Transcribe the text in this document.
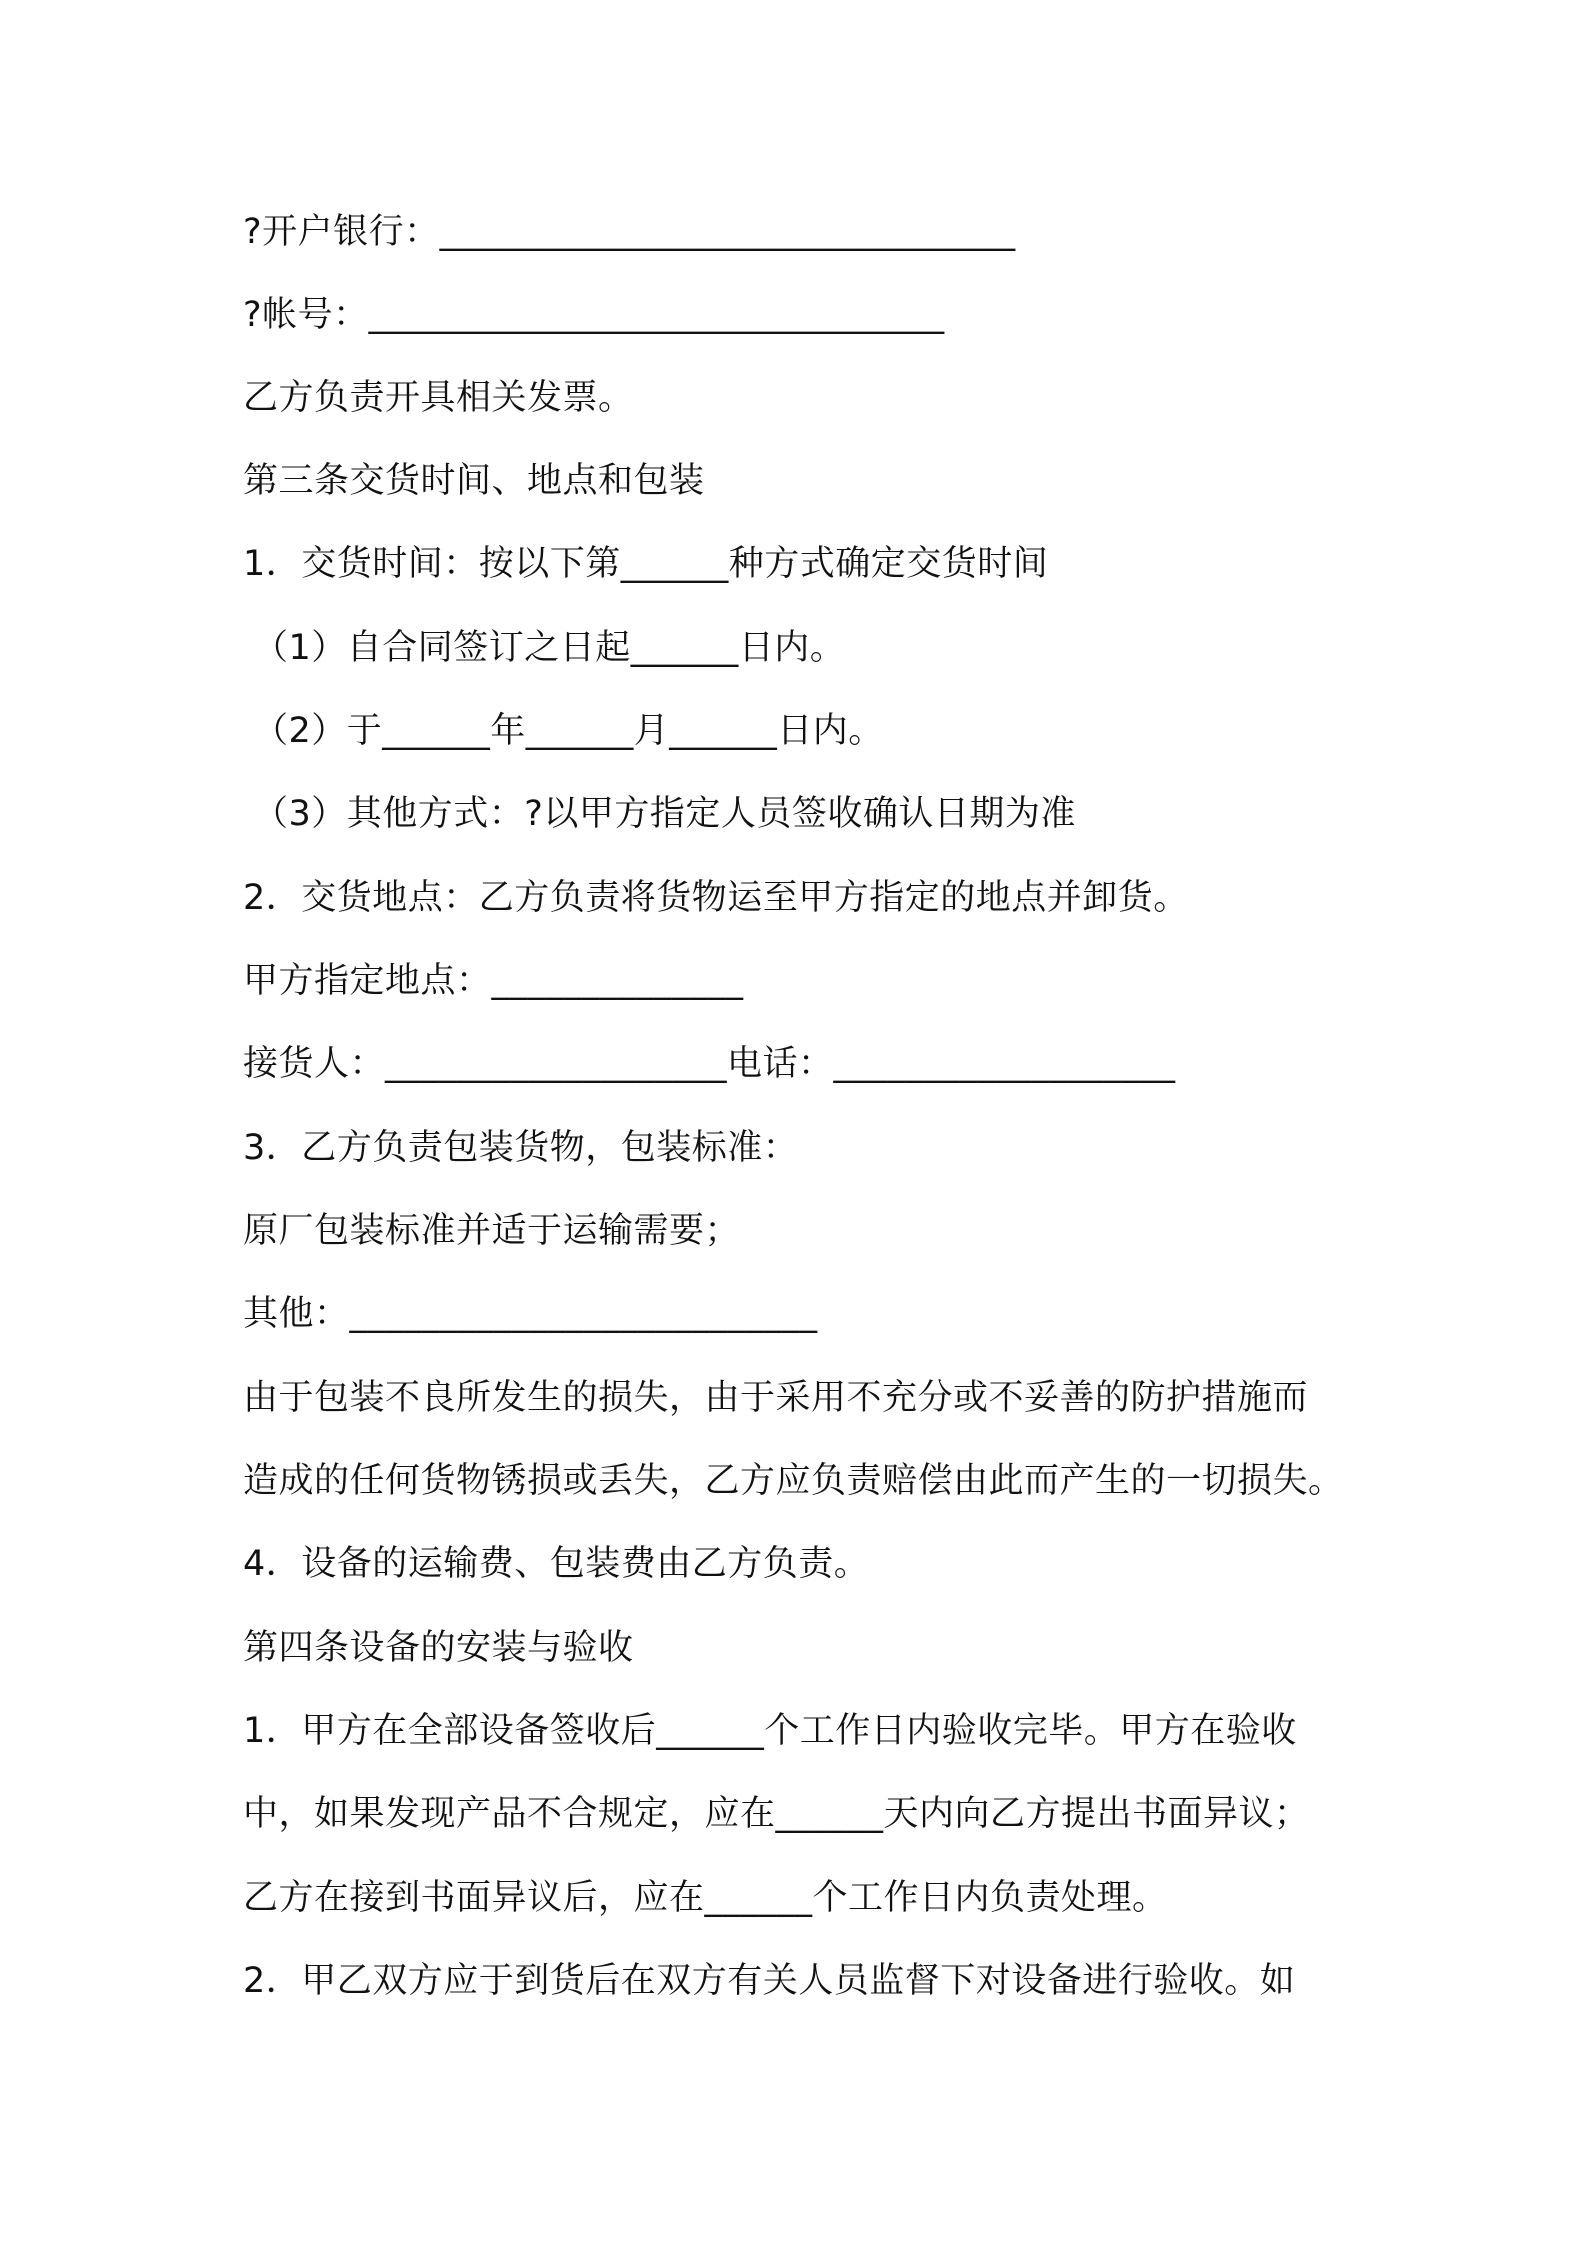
?开户银行：________________________________

?帐号：________________________________

乙方负责开具相关发票。

第三条交货时间、地点和包装

1．交货时间：按以下第______种方式确定交货时间

（1）自合同签订之日起______日内。

（2）于______年______月______日内。

（3）其他方式：?以甲方指定人员签收确认日期为准

2．交货地点：乙方负责将货物运至甲方指定的地点并卸货。

甲方指定地点：______________

接货人：___________________电话：___________________

3．乙方负责包装货物，包装标准：

原厂包装标准并适于运输需要；

其他：__________________________

由于包装不良所发生的损失，由于采用不充分或不妥善的防护措施而

造成的任何货物锈损或丢失，乙方应负责赔偿由此而产生的一切损失。

4．设备的运输费、包装费由乙方负责。

第四条设备的安装与验收

1．甲方在全部设备签收后______个工作日内验收完毕。甲方在验收

中，如果发现产品不合规定，应在______天内向乙方提出书面异议；

乙方在接到书面异议后，应在______个工作日内负责处理。

2．甲乙双方应于到货后在双方有关人员监督下对设备进行验收。如
